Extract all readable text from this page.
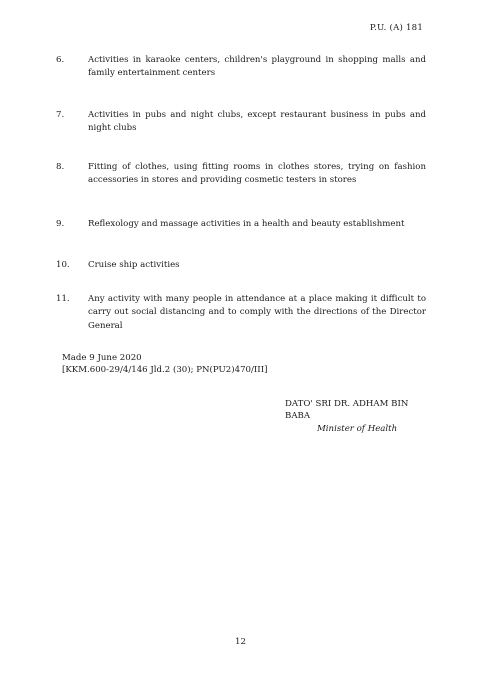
P.U. (A) 181
6.	Activities in karaoke centers, children's playground in shopping malls and family entertainment centers
7.	Activities in pubs and night clubs, except restaurant business in pubs and night clubs
8.	Fitting of clothes, using fitting rooms in clothes stores, trying on fashion accessories in stores and providing cosmetic testers in stores
9.	Reflexology and massage activities in a health and beauty establishment
10.	Cruise ship activities
11.	Any activity with many people in attendance at a place making it difficult to carry out social distancing and to comply with the directions of the Director General
Made 9 June 2020
[KKM.600-29/4/146 Jld.2 (30); PN(PU2)470/III]
DATO' SRI DR. ADHAM BIN BABA
Minister of Health
12
